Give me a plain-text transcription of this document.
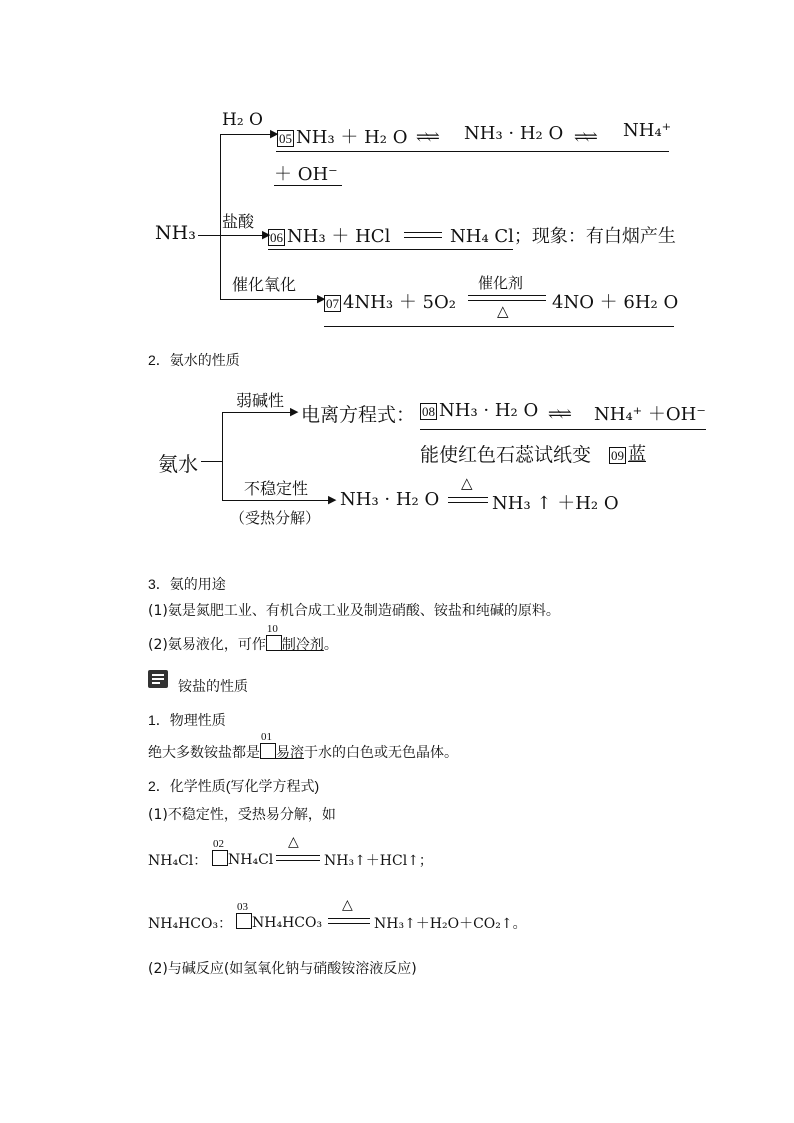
NH₃
▶
H₂ O
05 NH₃ ＋ H₂ O ⇌⇌ NH₃ · H₂ O ⇌⇌ NH₄⁺
＋ OH⁻
盐酸
▶ 06 NH₃ ＋ HCl	NH₄ Cl；现象：有白烟产生
催化氧化
▶ 07 4NH₃ ＋ 5O₂
催化剂
△ 4NO ＋ 6H₂ O
2．氨水的性质
氨水
▶
弱碱性
电离方程式： 08 NH₃ · H₂ O ⇌⇌ NH₄⁺ ＋OH⁻
能使红色石蕊试纸变 09 蓝
不稳定性
▶
（受热分解）
NH₃ · H₂ O
△
NH₃ ↑ ＋H₂ O
3．氨的用途
(1)氨是氮肥工业、有机合成工业及制造硝酸、铵盐和纯碱的原料。
(2)氨易液化，可作
10
制冷剂。
铵盐的性质
1．物理性质
绝大多数铵盐都是
01
易溶于水的白色或无色晶体。
2．化学性质(写化学方程式)
(1)不稳定性，受热易分解，如
NH₄Cl：
02
NH₄Cl
△
NH₃↑＋HCl↑；
NH₄HCO₃：
03
NH₄HCO₃
△
NH₃↑＋H₂O＋CO₂↑。
(2)与碱反应(如氢氧化钠与硝酸铵溶液反应)
